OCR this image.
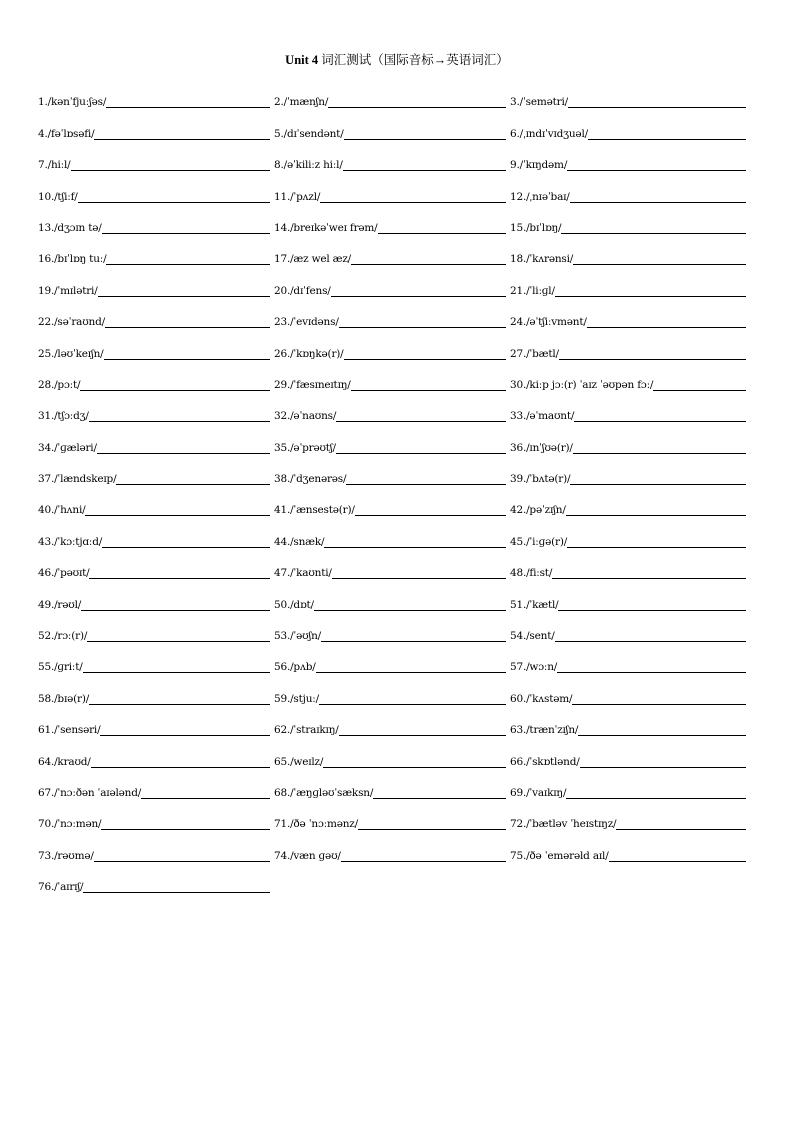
Unit 4 词汇测试（国际音标→英语词汇）
1./kənˈfjuːʃəs/	2./ˈmænʃn/	3./ˈsemətri/
4./fəˈlɒsəfi/	5./dɪˈsendənt/	6./ˌɪndɪˈvɪdʒuəl/
7./hiːl/	8./əˈkiliːz hiːl/	9./ˈkɪŋdəm/
10./tʃiːf/	11./ˈpʌzl/	12./ˌnɪəˈbaɪ/
13./dʒɔɪn tə/	14./breɪkəˈweɪ frəm/	15./bɪˈlɒŋ/
16./bɪˈlɒŋ tuː/	17./æz wel æz/	18./ˈkʌrənsi/
19./ˈmɪlətri/	20./dɪˈfens/	21./ˈliːɡl/
22./səˈraʊnd/	23./ˈevɪdəns/	24./əˈtʃiːvmənt/
25./ləʊˈkeɪʃn/	26./ˈkɒŋkə(r)/	27./ˈbætl/
28./pɔːt/	29./ˈfæsɪneɪtɪŋ/	30./kiːp jɔː(r) ˈaɪz ˈəʊpən fɔː/
31./tʃɔːdʒ/	32./əˈnaʊns/	33./əˈmaʊnt/
34./ˈɡæləri/	35./əˈprəʊtʃ/	36./ɪnˈʃʊə(r)/
37./ˈlændskeɪp/	38./ˈdʒenərəs/	39./ˈbʌtə(r)/
40./ˈhʌni/	41./ˈænsestə(r)/	42./pəˈzɪʃn/
43./ˈkɔːtjɑːd/	44./snæk/	45./ˈiːɡə(r)/
46./ˈpəʊɪt/	47./ˈkaʊnti/	48./fiːst/
49./rəʊl/	50./dɒt/	51./ˈkætl/
52./rɔː(r)/	53./ˈəʊʃn/	54./sent/
55./ɡriːt/	56./pʌb/	57./wɔːn/
58./bɪə(r)/	59./stjuː/	60./ˈkʌstəm/
61./ˈsensəri/	62./ˈstraɪkɪŋ/	63./trænˈzɪʃn/
64./kraʊd/	65./weɪlz/	66./ˈskɒtlənd/
67./ˈnɔːðən ˈaɪələnd/	68./ˈæŋɡləʊˈsæksn/	69./ˈvaɪkɪŋ/
70./ˈnɔːmən/	71./ðə ˈnɔːmənz/	72./ˈbætləv ˈheɪstɪŋz/
73./rəʊmə/	74./væn ɡəʊ/	75./ðə ˈemərəld aɪl/
76./ˈaɪrɪʃ/
